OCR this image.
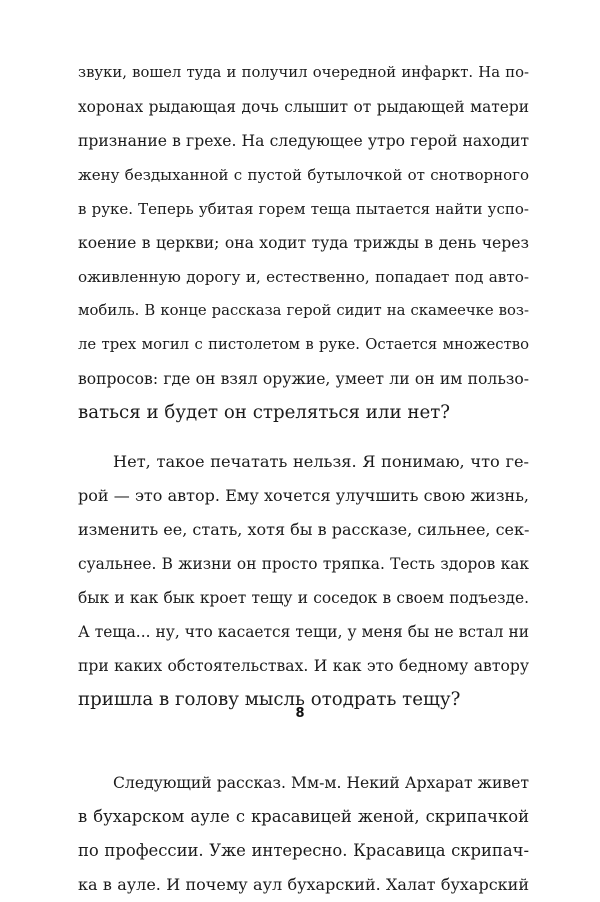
звуки, вошел туда и получил очередной инфаркт. На по-
хоронах рыдающая дочь слышит от рыдающей матери
признание в грехе. На следующее утро герой находит
жену бездыханной с пустой бутылочкой от снотворного
в руке. Теперь убитая горем теща пытается найти успо-
коение в церкви; она ходит туда трижды в день через
оживленную дорогу и, естественно, попадает под авто-
мобиль. В конце рассказа герой сидит на скамеечке воз-
ле трех могил с пистолетом в руке. Остается множество
вопросов: где он взял оружие, умеет ли он им пользо-
ваться и будет он стреляться или нет?
Нет, такое печатать нельзя. Я понимаю, что ге-
рой — это автор. Ему хочется улучшить свою жизнь,
изменить ее, стать, хотя бы в рассказе, сильнее, сек-
суальнее. В жизни он просто тряпка. Тесть здоров как
бык и как бык кроет тещу и соседок в своем подъезде.
А теща... ну, что касается тещи, у меня бы не встал ни
при каких обстоятельствах. И как это бедному автору
пришла в голову мысль отодрать тещу?
Следующий рассказ. Мм-м. Некий Архарат живет
в бухарском ауле с красавицей женой, скрипачкой
по профессии. Уже интересно. Красавица скрипач-
ка в ауле. И почему аул бухарский. Халат бухарский
8
